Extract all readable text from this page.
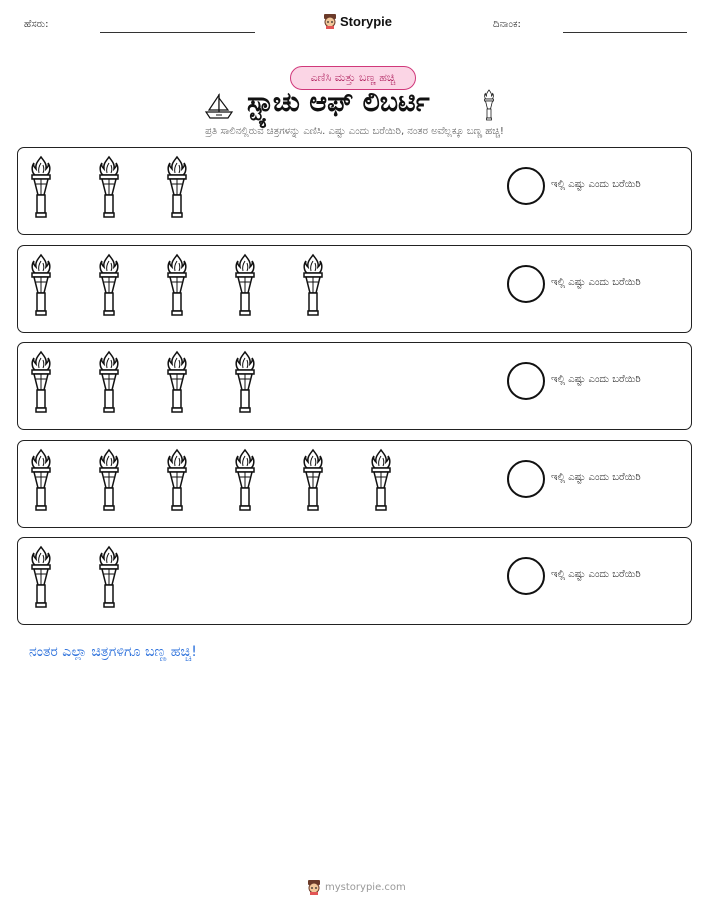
ಹೆಸರು:	Storypie	ದಿನಾಂಕ:
ಎಣಿಸಿ ಮತ್ತು ಬಣ್ಣ ಹಚ್ಚಿ
ಸ್ಟ್ಯಾಚು ಆಫ್ ಲಿಬರ್ಟಿ
ಪ್ರತಿ ಸಾಲಿನಲ್ಲಿರುವ ಚಿತ್ರಗಳನ್ನು ಎಣಿಸಿ. ಎಷ್ಟು ಎಂದು ಬರೆಯಿರಿ, ನಂತರ ಅವೆಲ್ಲಕ್ಕೂ ಬಣ್ಣ ಹಚ್ಚಿ!
ಇಲ್ಲಿ ಎಷ್ಟು ಎಂದು ಬರೆಯಿರಿ
ಇಲ್ಲಿ ಎಷ್ಟು ಎಂದು ಬರೆಯಿರಿ
ಇಲ್ಲಿ ಎಷ್ಟು ಎಂದು ಬರೆಯಿರಿ
ಇಲ್ಲಿ ಎಷ್ಟು ಎಂದು ಬರೆಯಿರಿ
ಇಲ್ಲಿ ಎಷ್ಟು ಎಂದು ಬರೆಯಿರಿ
ನಂತರ ಎಲ್ಲಾ ಚಿತ್ರಗಳಿಗೂ ಬಣ್ಣ ಹಚ್ಚಿ!
mystorypie.com
